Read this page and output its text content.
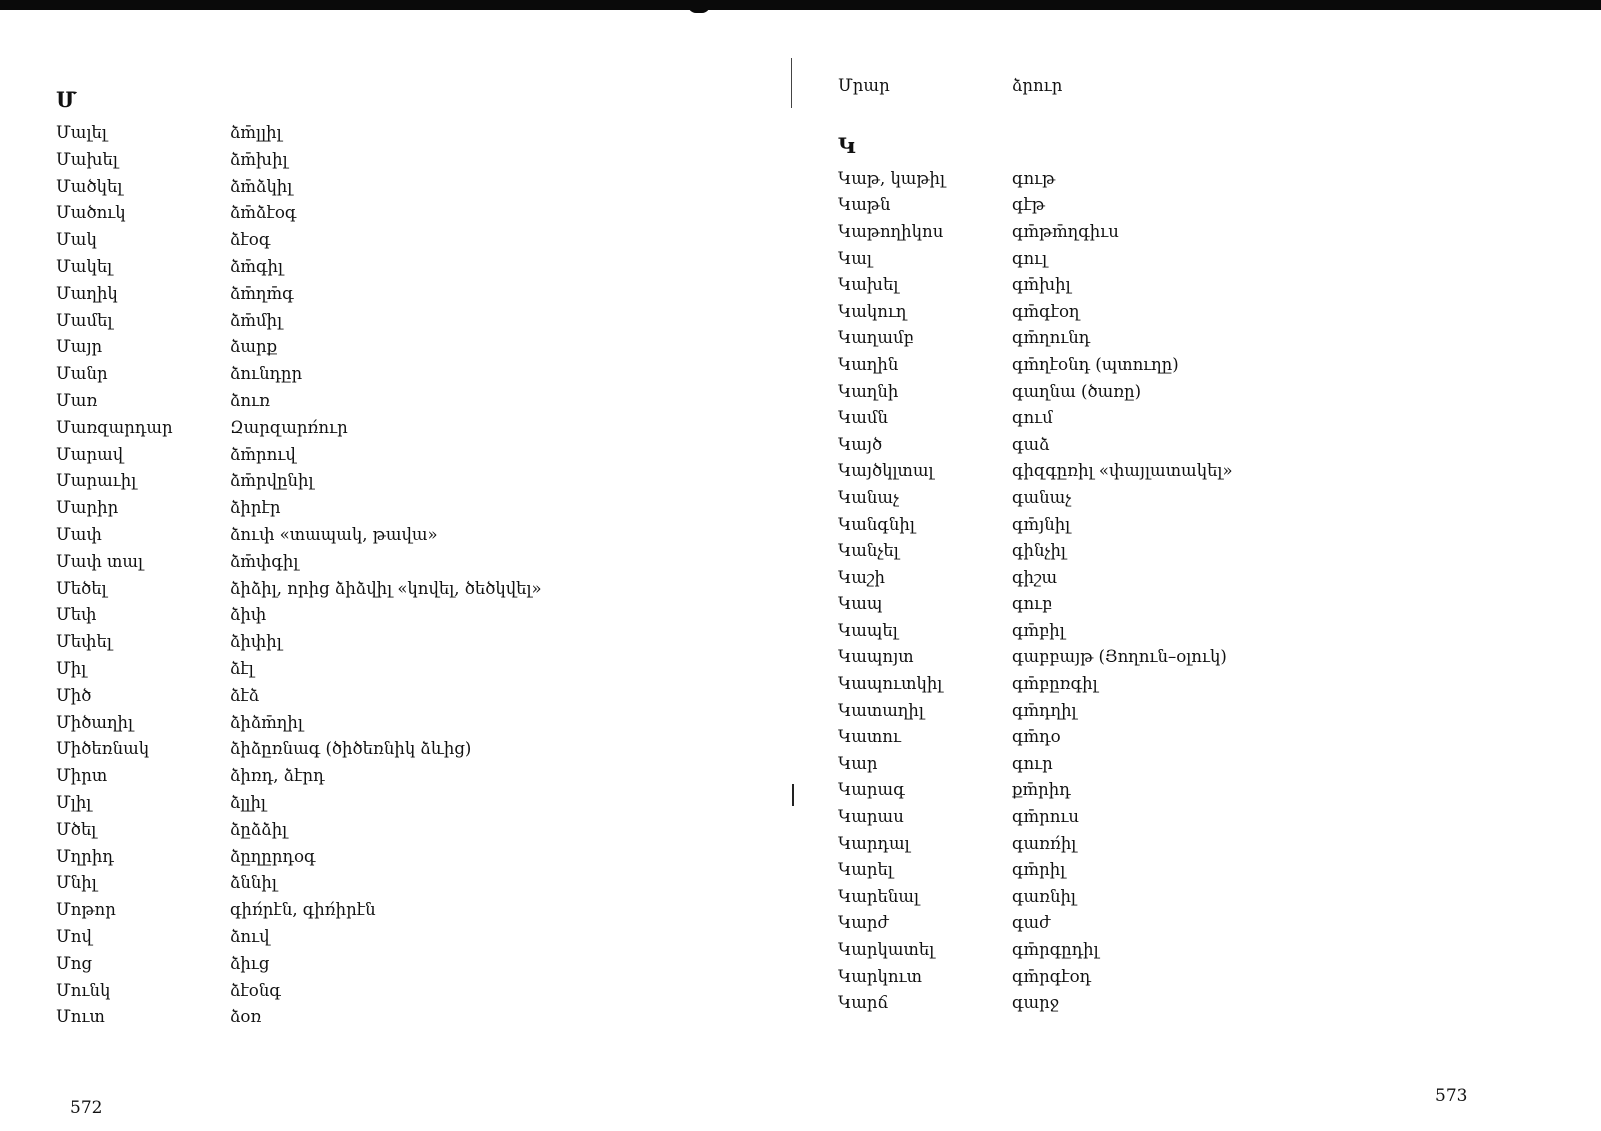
Մ
Մալել	ձm̄լլիլ
Մախել	ձm̄խիլ
Մածկել	ձm̄ձկիլ
Մածուկ	ձm̄ձէօգ
Մակ	ձէօգ
Մակել	ձm̄գիլ
Մաղիկ	ձm̄ղm̄գ
Մամել	ձm̄միլ
Մայր	ձարք
Մանր	ձունդըր
Մառ	ձուռ
Մառզարդար	Զարզարռ́ուր
Մարավ	ձm̄րուվ
Մարաւիլ	ձm̄րվընիլ
Մարիր	ձիրէր
Մափ	ձուփ «տապակ, թավա»
Մափ տալ	ձm̄փգիլ
Մեծել	ձիձիլ, որից ձիձվիլ «կովել, ծեծկվել»
Մեփ	ձիփ
Մեփել	ձիփիլ
Միլ	ձէլ
Միծ	ձէձ
Միծաղիլ	ձիձm̄ղիլ
Միծեռնակ	ձիձըռնագ (ծիծեռնիկ ձևից)
Միրտ	ձիռդ, ձէրդ
Մլիլ	ձլլիլ
Մծել	ձըձձիլ
Մղրիդ	ձըղըրդօգ
Մնիլ	ձննիլ
Մոթոր	գիռ́րէն, գիռ́իրէն
Մով	ձուվ
Մոց	ձիւց
Մունկ	ձէօնգ
Մուտ	ձօռ
Մրար	ձրուր
Կ
Կաթ, կաթիլ	գութ
Կաթն	գէթ
Կաթողիկոս	գm̄թm̄ղգիւս
Կալ	գուլ
Կախել	գm̄խիլ
Կակուղ	գm̄գէօղ
Կաղամբ	գm̄ղունդ
Կաղին	գm̄ղէօնդ (պտուղը)
Կաղնի	գաղնա (ծառը)
Կամն	գում
Կայծ	գաձ
Կայծկլտալ	գիզգըռիլ «փայլատակել»
Կանաչ	գանաչ
Կանգնիլ	գm̄յնիլ
Կանչել	գինչիլ
Կաշի	գիշա
Կապ	գուբ
Կապել	գm̄բիլ
Կապոյտ	գաբբայթ (Յողուն–օլուկ)
Կապուտկիլ	գm̄բըռգիլ
Կատաղիլ	գm̄դղիլ
Կատու	գm̄դօ
Կար	գուր
Կարագ	քm̄րիդ
Կարաս	գm̄րուս
Կարդալ	գառռ́իլ
Կարել	գm̄րիլ
Կարենալ	գառնիլ
Կարժ	գաժ
Կարկատել	գm̄րգըդիլ
Կարկուտ	գm̄րգէօդ
Կարճ	գարջ
572
573
